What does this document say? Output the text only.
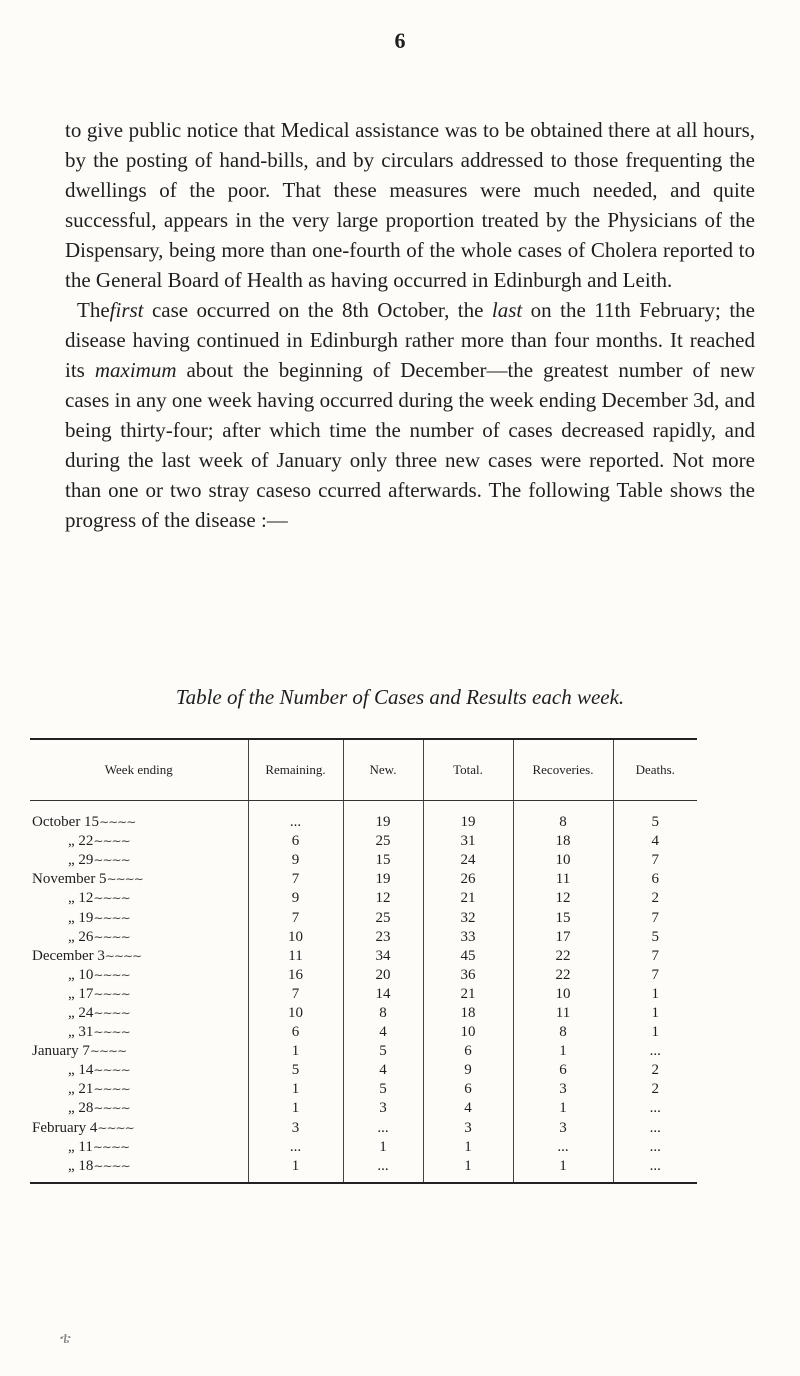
6

to give public notice that Medical assistance was to be obtained there at all hours, by the posting of hand-bills, and by circulars addressed to those frequenting the dwellings of the poor. That these measures were much needed, and quite successful, appears in the very large proportion treated by the Physicians of the Dispensary, being more than one-fourth of the whole cases of Cholera reported to the General Board of Health as having occurred in Edinburgh and Leith.

Thefirst case occurred on the 8th October, the last on the 11th February; the disease having continued in Edinburgh rather more than four months. It reached its maximum about the beginning of December—the greatest number of new cases in any one week having occurred during the week ending December 3d, and being thirty-four; after which time the number of cases decreased rapidly, and during the last week of January only three new cases were reported. Not more than one or two stray caseso ccurred afterwards. The following Table shows the progress of the disease :—

Table of the Number of Cases and Results each week.
Week ending	Remaining.	New.	Total.	Recoveries.	Deaths.
October 15∼∼∼∼	...	19	19	8	5
„ 22∼∼∼∼	6	25	31	18	4
„ 29∼∼∼∼	9	15	24	10	7
November 5∼∼∼∼	7	19	26	11	6
„ 12∼∼∼∼	9	12	21	12	2
„ 19∼∼∼∼	7	25	32	15	7
„ 26∼∼∼∼	10	23	33	17	5
December 3∼∼∼∼	11	34	45	22	7
„ 10∼∼∼∼	16	20	36	22	7
„ 17∼∼∼∼	7	14	21	10	1
„ 24∼∼∼∼	10	8	18	11	1
„ 31∼∼∼∼	6	4	10	8	1
January 7∼∼∼∼	1	5	6	1	...
„ 14∼∼∼∼	5	4	9	6	2
„ 21∼∼∼∼	1	5	6	3	2
„ 28∼∼∼∼	1	3	4	1	...
February 4∼∼∼∼	3	...	3	3	...
„ 11∼∼∼∼	...	1	1	...	...
„ 18∼∼∼∼	1	...	1	1	...
ቴ
